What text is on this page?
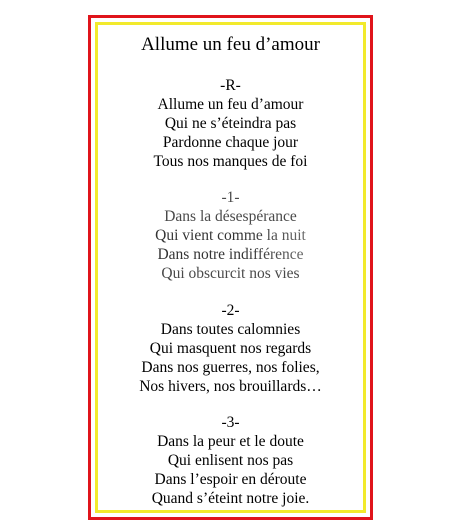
Allume un feu d’amour
-R-
Allume un feu d’amour
Qui ne s’éteindra pas
Pardonne chaque jour
Tous nos manques de foi
-1-
Dans la désespérance
Qui vient comme la nuit
Dans notre indifférence
Qui obscurcit nos vies
-2-
Dans toutes calomnies
Qui masquent nos regards
Dans nos guerres, nos folies,
Nos hivers, nos brouillards…
-3-
Dans la peur et le doute
Qui enlisent nos pas
Dans l’espoir en déroute
Quand s’éteint notre joie.
